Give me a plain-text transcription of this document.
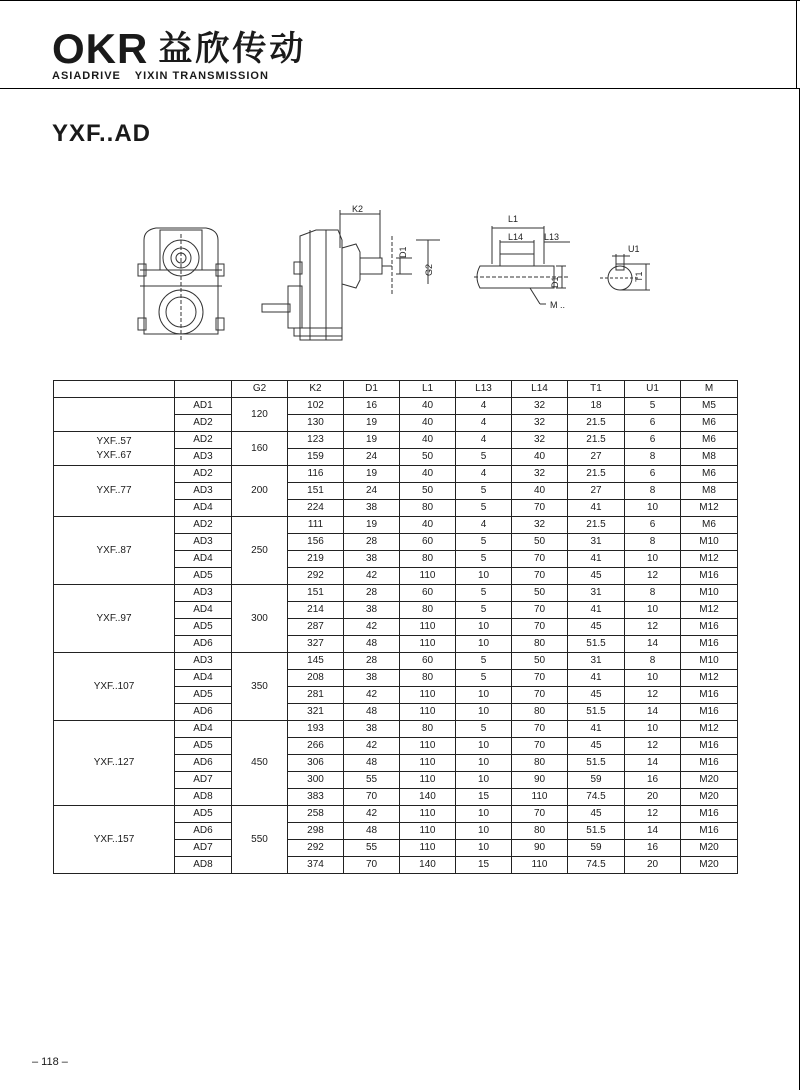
OKR 益欣传动
ASIADRIVE YIXIN TRANSMISSION
YXF..AD
K2
D1
G2
L1
L14 L13
D1
M ..
U1
T1
		G2	K2	D1	L1	L13	L14	T1	U1	M
	AD1	120	102	16	40	4	32	18	5	M5
	AD2		130	19	40	4	32	21.5	6	M6
YXF..57
YXF..67	AD2	160	123	19	40	4	32	21.5	6	M6
	AD3		159	24	50	5	40	27	8	M8
YXF..77	AD2	200	116	19	40	4	32	21.5	6	M6
	AD3		151	24	50	5	40	27	8	M8
	AD4		224	38	80	5	70	41	10	M12
YXF..87	AD2	250	111	19	40	4	32	21.5	6	M6
	AD3		156	28	60	5	50	31	8	M10
	AD4		219	38	80	5	70	41	10	M12
	AD5		292	42	110	10	70	45	12	M16
YXF..97	AD3	300	151	28	60	5	50	31	8	M10
	AD4		214	38	80	5	70	41	10	M12
	AD5		287	42	110	10	70	45	12	M16
	AD6		327	48	110	10	80	51.5	14	M16
YXF..107	AD3	350	145	28	60	5	50	31	8	M10
	AD4		208	38	80	5	70	41	10	M12
	AD5		281	42	110	10	70	45	12	M16
	AD6		321	48	110	10	80	51.5	14	M16
YXF..127	AD4	450	193	38	80	5	70	41	10	M12
	AD5		266	42	110	10	70	45	12	M16
	AD6		306	48	110	10	80	51.5	14	M16
	AD7		300	55	110	10	90	59	16	M20
	AD8		383	70	140	15	110	74.5	20	M20
YXF..157	AD5	550	258	42	110	10	70	45	12	M16
	AD6		298	48	110	10	80	51.5	14	M16
	AD7		292	55	110	10	90	59	16	M20
	AD8		374	70	140	15	110	74.5	20	M20
– 118 –
